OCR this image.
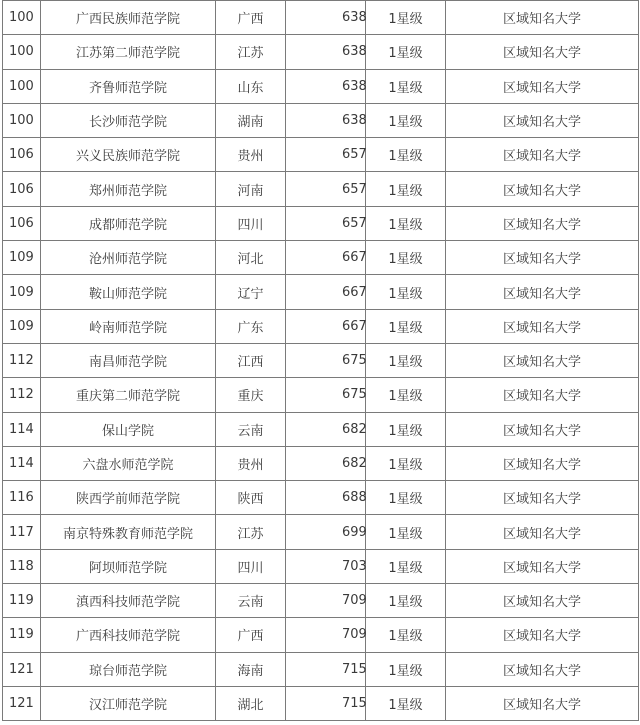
100	广西民族师范学院	广西	638	1星级	区域知名大学
100	江苏第二师范学院	江苏	638	1星级	区域知名大学
100	齐鲁师范学院	山东	638	1星级	区域知名大学
100	长沙师范学院	湖南	638	1星级	区域知名大学
106	兴义民族师范学院	贵州	657	1星级	区域知名大学
106	郑州师范学院	河南	657	1星级	区域知名大学
106	成都师范学院	四川	657	1星级	区域知名大学
109	沧州师范学院	河北	667	1星级	区域知名大学
109	鞍山师范学院	辽宁	667	1星级	区域知名大学
109	岭南师范学院	广东	667	1星级	区域知名大学
112	南昌师范学院	江西	675	1星级	区域知名大学
112	重庆第二师范学院	重庆	675	1星级	区域知名大学
114	保山学院	云南	682	1星级	区域知名大学
114	六盘水师范学院	贵州	682	1星级	区域知名大学
116	陕西学前师范学院	陕西	688	1星级	区域知名大学
117	南京特殊教育师范学院	江苏	699	1星级	区域知名大学
118	阿坝师范学院	四川	703	1星级	区域知名大学
119	滇西科技师范学院	云南	709	1星级	区域知名大学
119	广西科技师范学院	广西	709	1星级	区域知名大学
121	琼台师范学院	海南	715	1星级	区域知名大学
121	汉江师范学院	湖北	715	1星级	区域知名大学
